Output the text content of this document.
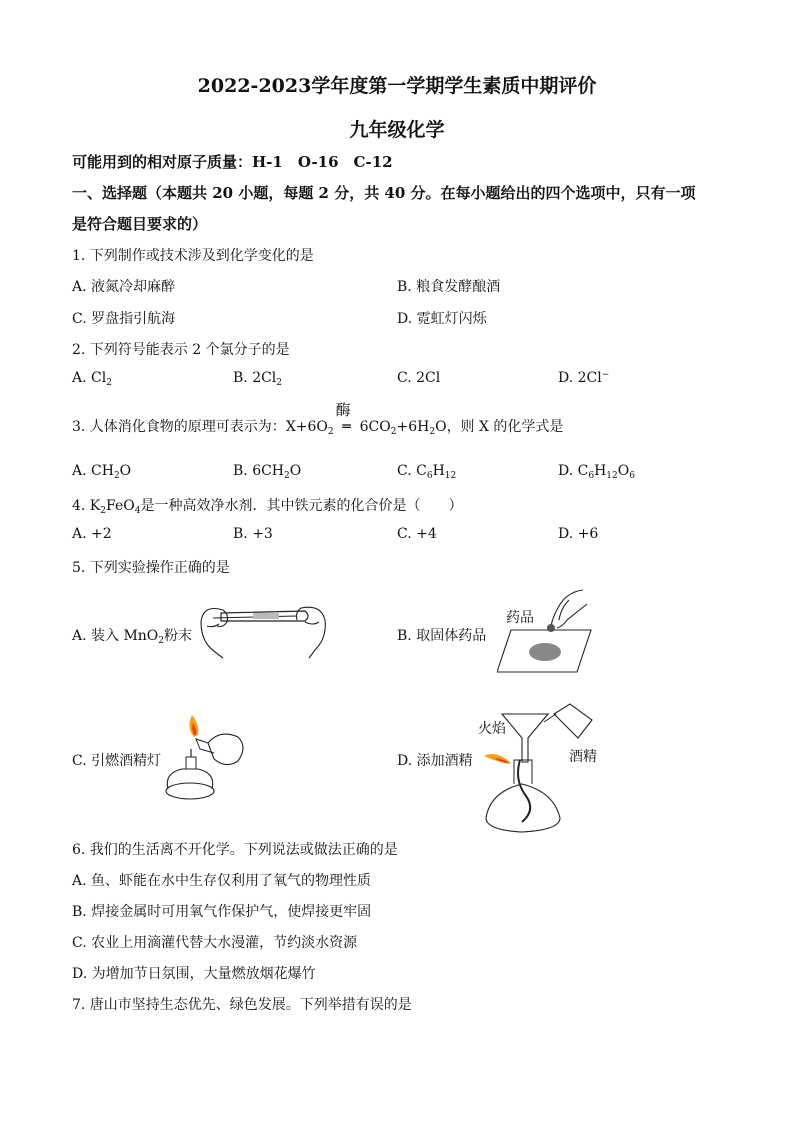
2022-2023学年度第一学期学生素质中期评价
九年级化学
可能用到的相对原子质量：H-1　O-16　C-12
一、选择题（本题共 20 小题，每题 2 分，共 40 分。在每小题给出的四个选项中，只有一项
是符合题目要求的）
1. 下列制作或技术涉及到化学变化的是
A. 液氮冷却麻醉	B. 粮食发酵酿酒
C. 罗盘指引航海	D. 霓虹灯闪烁
2. 下列符号能表示 2 个氯分子的是
A. $Cl_2$	B. $2Cl_2$	C. 2Cl	D. 2Cl−
3. 人体消化食物的原理可表示为：$X+6O_2$
酶
═ $6CO_2+6H_2O$，则 X 的化学式是
A. $CH_2O$	B. $6CH_2O$	C. $C_6H_{12}$	D. $C_6H_{12}O_6$
4. $K_2FeO_4$是一种高效净水剂．其中铁元素的化合价是（　　）
A. +2	B. +3	C. +4	D. +6
5. 下列实验操作正确的是
A. 装入 MnO$_2$粉末	B. 取固体药品
药品
C. 引燃酒精灯	D. 添加酒精
火焰
酒精
6. 我们的生活离不开化学。下列说法或做法正确的是
A. 鱼、虾能在水中生存仅利用了氧气的物理性质
B. 焊接金属时可用氧气作保护气，使焊接更牢固
C. 农业上用滴灌代替大水漫灌，节约淡水资源
D. 为增加节日氛围，大量燃放烟花爆竹
7. 唐山市坚持生态优先、绿色发展。下列举措有误的是
